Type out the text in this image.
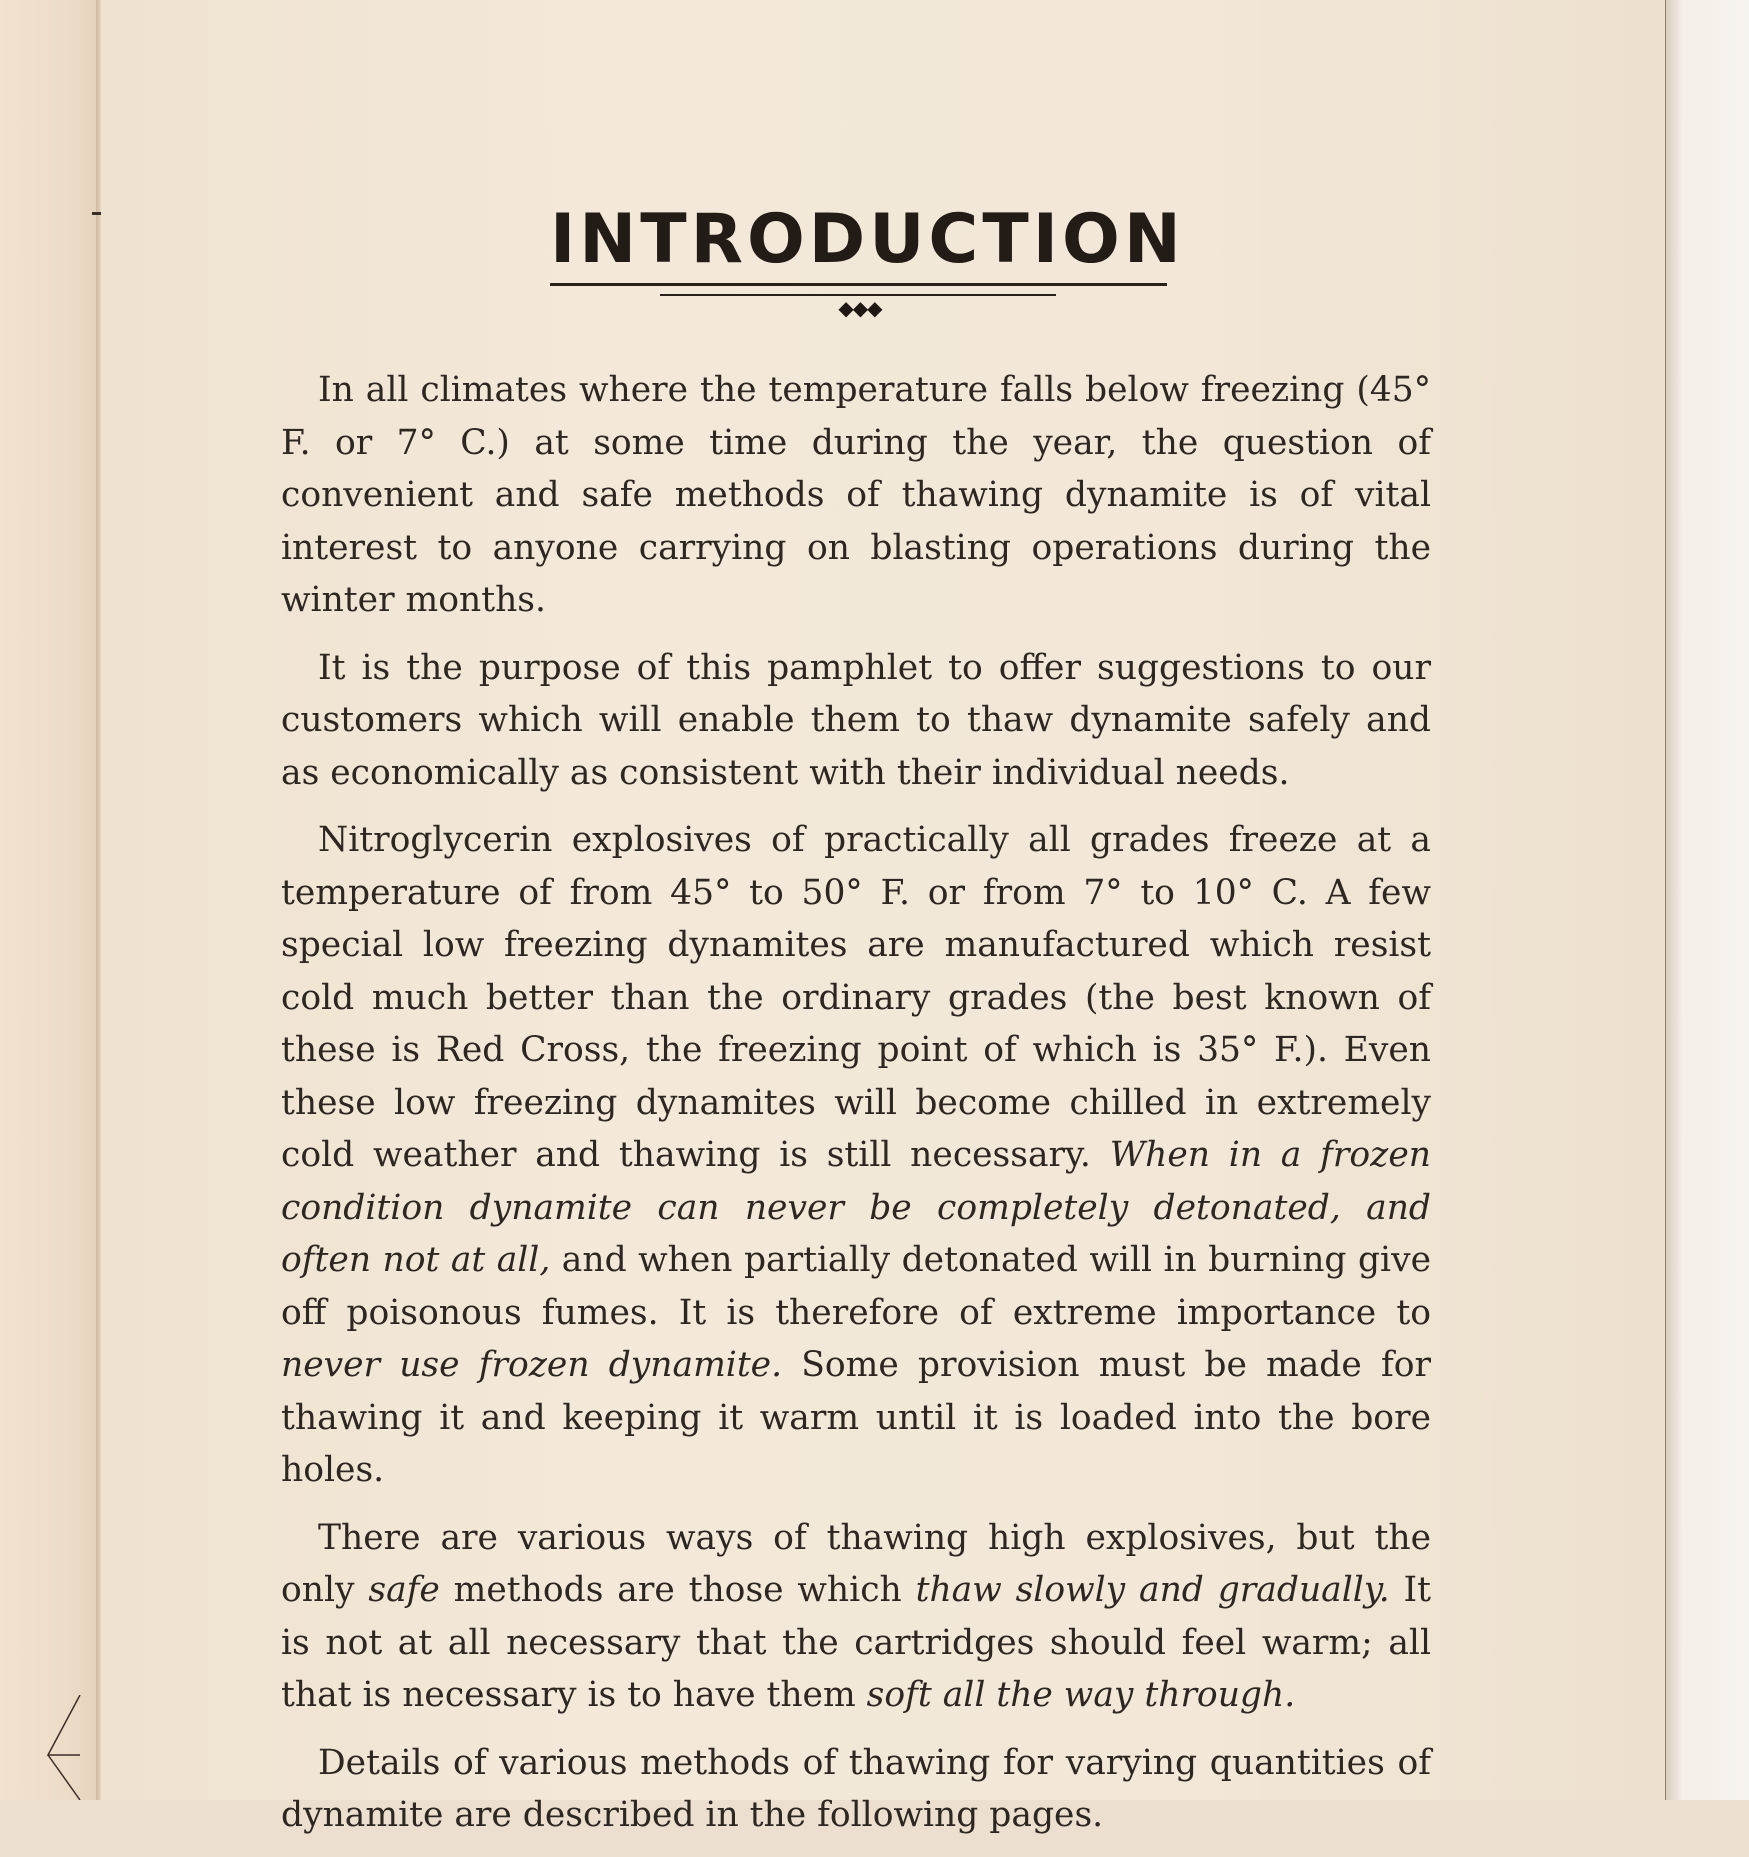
INTRODUCTION
◆◆◆

In all climates where the temperature falls below freezing (45° F. or 7° C.) at some time during the year, the question of convenient and safe methods of thawing dynamite is of vital interest to anyone carrying on blasting operations during the winter months.

It is the purpose of this pamphlet to offer suggestions to our customers which will enable them to thaw dynamite safely and as economically as consistent with their individual needs.

Nitroglycerin explosives of practically all grades freeze at a temperature of from 45° to 50° F. or from 7° to 10° C. A few special low freezing dynamites are manufactured which resist cold much better than the ordinary grades (the best known of these is Red Cross, the freezing point of which is 35° F.). Even these low freezing dynamites will become chilled in extremely cold weather and thawing is still necessary. When in a frozen condition dynamite can never be completely detonated, and often not at all, and when partially detonated will in burning give off poisonous fumes. It is therefore of extreme importance to never use frozen dynamite. Some provision must be made for thawing it and keeping it warm until it is loaded into the bore holes.

There are various ways of thawing high explosives, but the only safe methods are those which thaw slowly and gradually. It is not at all necessary that the cartridges should feel warm; all that is necessary is to have them soft all the way through.

Details of various methods of thawing for varying quantities of dynamite are described in the following pages.
